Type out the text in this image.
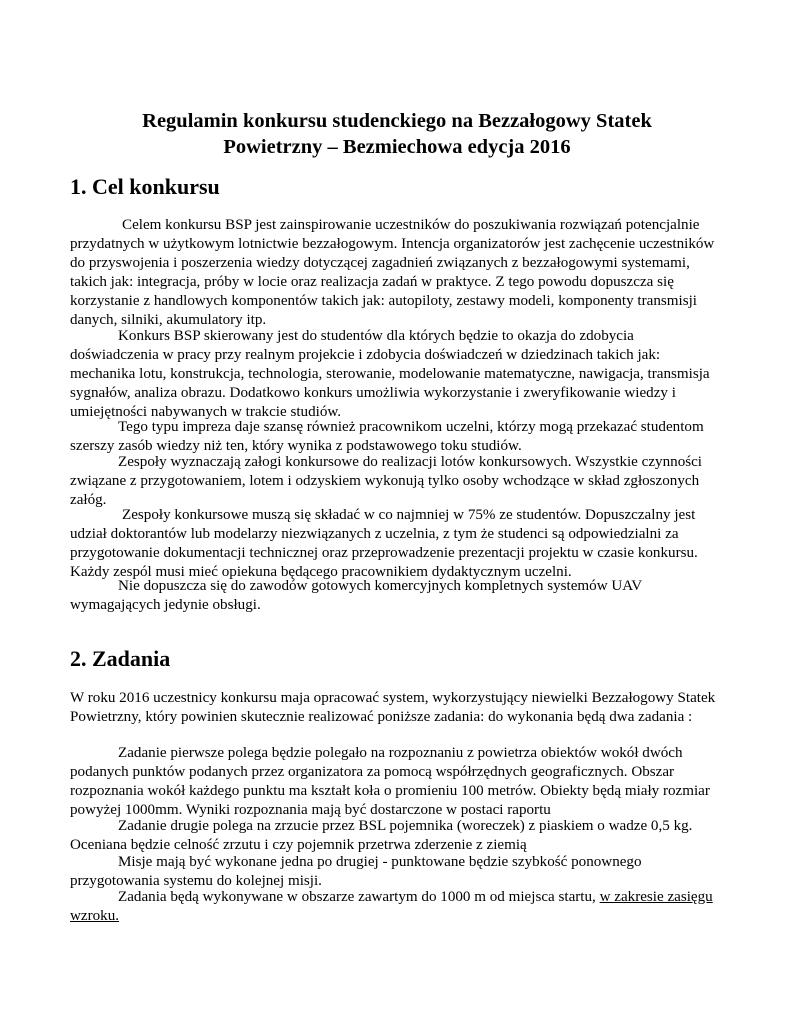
Regulamin konkursu studenckiego na Bezzałogowy Statek
Powietrzny – Bezmiechowa edycja 2016
1. Cel konkursu

Celem konkursu BSP jest zainspirowanie uczestników do poszukiwania rozwiązań potencjalnie przydatnych w użytkowym lotnictwie bezzałogowym. Intencja organizatorów jest zachęcenie uczestników do przyswojenia i poszerzenia wiedzy dotyczącej zagadnień związanych z bezzałogowymi systemami, takich jak: integracja, próby w locie oraz realizacja zadań w praktyce. Z tego powodu dopuszcza się korzystanie z handlowych komponentów takich jak: autopiloty, zestawy modeli, komponenty transmisji danych, silniki, akumulatory itp.

Konkurs BSP skierowany jest do studentów dla których będzie to okazja do zdobycia doświadczenia w pracy przy realnym projekcie i zdobycia doświadczeń w dziedzinach takich jak: mechanika lotu, konstrukcja, technologia, sterowanie, modelowanie matematyczne, nawigacja, transmisja sygnałów, analiza obrazu. Dodatkowo konkurs umożliwia wykorzystanie i zweryfikowanie wiedzy i umiejętności nabywanych w trakcie studiów.

Tego typu impreza daje szansę również pracownikom uczelni, którzy mogą przekazać studentom szerszy zasób wiedzy niż ten, który wynika z podstawowego toku studiów.

Zespoły wyznaczają załogi konkursowe do realizacji lotów konkursowych. Wszystkie czynności związane z przygotowaniem, lotem i odzyskiem wykonują tylko osoby wchodzące w skład zgłoszonych załóg.

Zespoły konkursowe muszą się składać w co najmniej w 75% ze studentów. Dopuszczalny jest udział doktorantów lub modelarzy niezwiązanych z uczelnia, z tym że studenci są odpowiedzialni za przygotowanie dokumentacji technicznej oraz przeprowadzenie prezentacji projektu w czasie konkursu. Każdy zespól musi mieć opiekuna będącego pracownikiem dydaktycznym uczelni.

Nie dopuszcza się do zawodów gotowych komercyjnych kompletnych systemów UAV wymagających jedynie obsługi.

2. Zadania

W roku 2016 uczestnicy konkursu maja opracować system, wykorzystujący niewielki Bezzałogowy Statek Powietrzny, który powinien skutecznie realizować poniższe zadania: do wykonania będą dwa zadania :

Zadanie pierwsze polega będzie polegało na rozpoznaniu z powietrza obiektów wokół dwóch podanych punktów podanych przez organizatora za pomocą współrzędnych geograficznych. Obszar rozpoznania wokół każdego punktu ma kształt koła o promieniu 100 metrów. Obiekty będą miały rozmiar powyżej 1000mm. Wyniki rozpoznania mają być dostarczone w postaci raportu

Zadanie drugie polega na zrzucie przez BSL pojemnika (woreczek) z piaskiem o wadze 0,5 kg. Oceniana będzie celność zrzutu i czy pojemnik przetrwa zderzenie z ziemią

Misje mają być wykonane jedna po drugiej - punktowane będzie szybkość ponownego przygotowania systemu do kolejnej misji.

Zadania będą wykonywane w obszarze zawartym do 1000 m od miejsca startu, w zakresie zasięgu wzroku.
